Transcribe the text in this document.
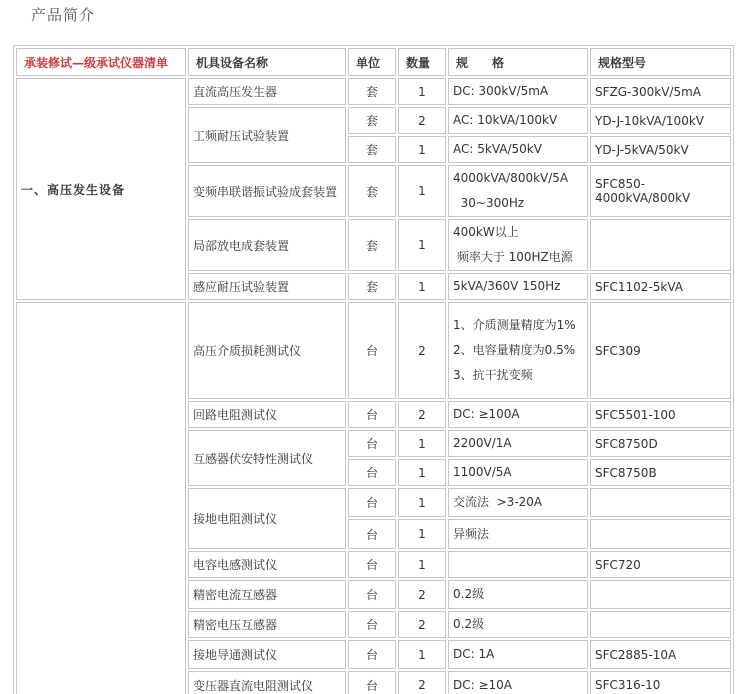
产品简介
承装修试—级承试仪器清单	机具设备名称	单位	数量	规　　格	规格型号
一、高压发生设备	直流高压发生器	套	1	DC: 300kV/5mA	SFZG-300kV/5mA
	工频耐压试验装置	套	2	AC: 10kVA/100kV	YD-J-10kVA/100kV
		套	1	AC: 5kVA/50kV	YD-J-5kVA/50kV
	变频串联谐振试验成套装置	套	1	4000kVA/800kV/5A
30~300Hz	SFC850-4000kVA/800kV
	局部放电成套装置	套	1	400kW以上
频率大于 100HZ电源	

	感应耐压试验装置	套	1	5kVA/360V 150Hz	SFC1102-5kVA
	高压介质损耗测试仪	台	2	1、介质测量精度为1%
2、电容量精度为0.5%
3、抗干扰变频	SFC309
	回路电阻测试仪	台	2	DC: ≥100A	SFC5501-100
	互感器伏安特性测试仪	台	1	2200V/1A	SFC8750D
		台	1	1100V/5A	SFC8750B
	接地电阻测试仪	台	1	交流法  >3-20A	

		台	1	异频法	

	电容电感测试仪	台	1		SFC720
	精密电流互感器	台	2	0.2级	

	精密电压互感器	台	2	0.2级	

	接地导通测试仪	台	1	DC: 1A	SFC2885-10A
	变压器直流电阻测试仪	台	2	DC: ≥10A	SFC316-10
